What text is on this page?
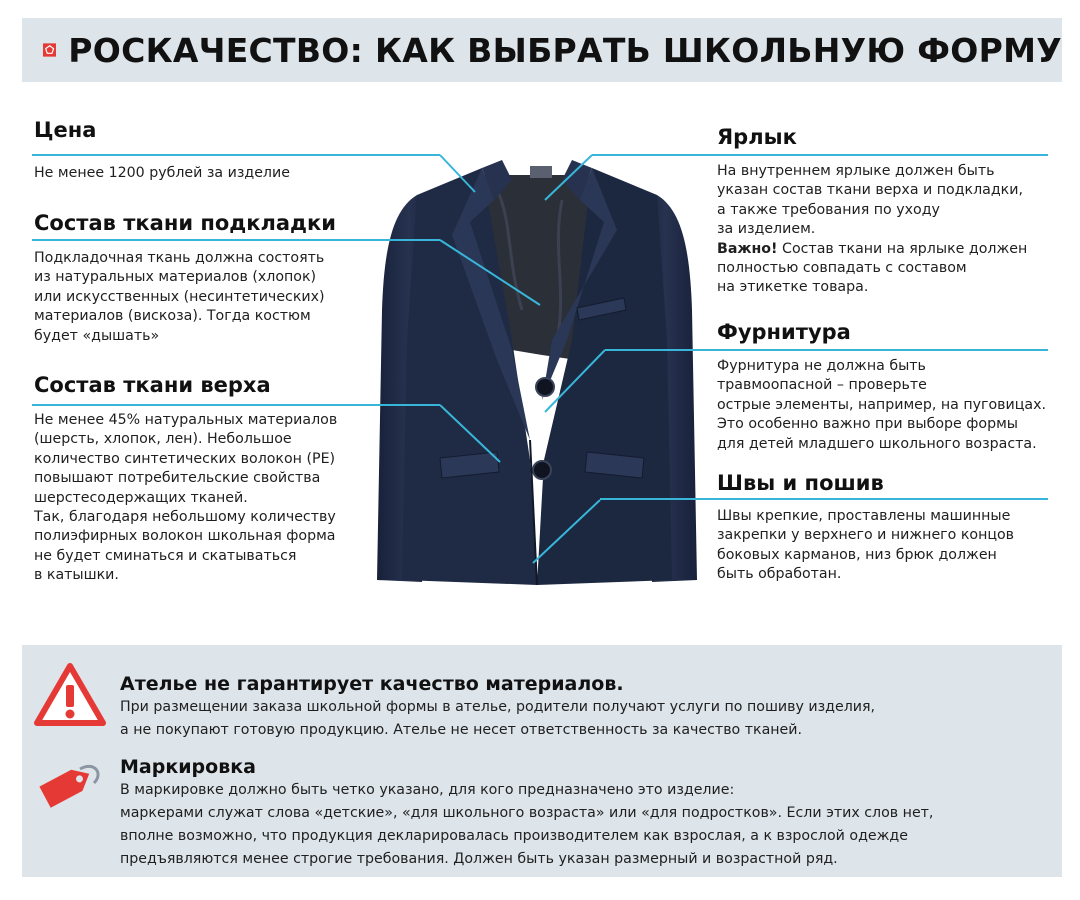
РОСКАЧЕСТВО: КАК ВЫБРАТЬ ШКОЛЬНУЮ ФОРМУ
Цена

Не менее 1200 рублей за изделие

Состав ткани подкладки

Подкладочная ткань должна состоять
из натуральных материалов (хлопок)
или искусственных (несинтетических)
материалов (вискоза). Тогда костюм
будет «дышать»

Состав ткани верха

Не менее 45% натуральных материалов
(шерсть, хлопок, лен). Небольшое
количество синтетических волокон (PE)
повышают потребительские свойства
шерстесодержащих тканей.
Так, благодаря небольшому количеству
полиэфирных волокон школьная форма
не будет сминаться и скатываться
в катышки.

Ярлык

На внутреннем ярлыке должен быть
указан состав ткани верха и подкладки,
а также требования по уходу
за изделием.
Важно! Состав ткани на ярлыке должен
полностью совпадать с составом
на этикетке товара.

Фурнитура

Фурнитура не должна быть
травмоопасной – проверьте
острые элементы, например, на пуговицах.
Это особенно важно при выборе формы
для детей младшего школьного возраста.

Швы и пошив

Швы крепкие, проставлены машинные
закрепки у верхнего и нижнего концов
боковых карманов, низ брюк должен
быть обработан.

Ателье не гарантирует качество материалов.

При размещении заказа школьной формы в ателье, родители получают услуги по пошиву изделия,
а не покупают готовую продукцию. Ателье не несет ответственность за качество тканей.

Маркировка

В маркировке должно быть четко указано, для кого предназначено это изделие:
маркерами служат слова «детские», «для школьного возраста» или «для подростков». Если этих слов нет,
вполне возможно, что продукция декларировалась производителем как взрослая, а к взрослой одежде
предъявляются менее строгие требования. Должен быть указан размерный и возрастной ряд.
